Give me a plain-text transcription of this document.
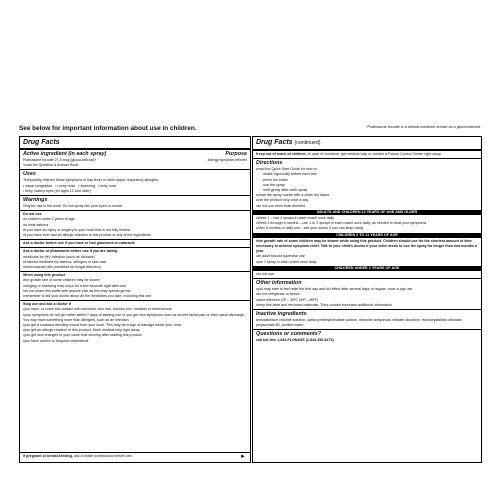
See below for important information about use in children.	*Fluticasone furoate is a steroid medicine known as a glucocorticoid.
Drug Facts
Active ingredient (in each spray)	Purpose
Fluticasone furoate 27.5 mcg (glucocorticoid)*	Allergy symptom reliever
*read the Question & Answer Book
Uses
Temporarily relieves these symptoms of hay fever or other upper respiratory allergies:
• nasal congestion • runny nose • sneezing • itchy nose
• itchy, watery eyes (for ages 12 and older)
Warnings
Only for use in the nose. Do not spray into your eyes or mouth.
Do not use
• in children under 2 years of age
• to treat asthma
• if you have an injury or surgery to your nose that is not fully healed
• if you have ever had an allergic reaction to this product or any of the ingredients
Ask a doctor before use if you have or had glaucoma or cataracts
Ask a doctor or pharmacist before use if you are taking
• medicine for HIV infection (such as ritonavir)
• a steroid medicine for asthma, allergies or skin rash
• ketoconazole pills (medicine for fungal infection)
When using this product
• the growth rate of some children may be slower
• stinging or sneezing may occur for a few seconds right after use
• do not share this bottle with anyone else as this may spread germs
• remember to tell your doctor about all the medicines you take, including this one
Stop use and ask a doctor if
• you have, or come into contact with someone who has, chicken pox, measles or tuberculosis
• your symptoms do not get better within 7 days of starting use or you get new symptoms such as severe facial pain or thick nasal discharge. You may have something more than allergies, such as an infection.
• you get a constant whistling sound from your nose. This may be a sign of damage inside your nose.
• you get an allergic reaction to this product. Seek medical help right away.
• you get new changes to your vision that develop after starting this product
• you have severe or frequent nosebleeds
If pregnant or breast-feeding, ask a health professional before use.	►
Drug Facts (continued)
Keep out of reach of children. In case of overdose, get medical help or contact a Poison Control Center right away.
Directions
• read the Quick Start Guide for how to:
· shake vigorously before each use
· prime the bottle
· use the spray
· sniff gently after each spray
• clean the spray nozzle with a clean dry tissue
• use the product only once a day
• do not use more than directed
ADULTS AND CHILDREN 12 YEARS OF AGE AND OLDER
• Week 1 – use 2 sprays in each nostril once daily
• Week 2 through 6 months – use 1 or 2 sprays in each nostril once daily, as needed to treat your symptoms
• After 6 months of daily use – ask your doctor if you can keep using
CHILDREN 2 TO 11 YEARS OF AGE
• the growth rate of some children may be slower while using this product. Children should use for the shortest amount of time necessary to achieve symptom relief. Talk to your child's doctor if your child needs to use the spray for longer than two months a year.
• an adult should supervise use
• use 1 spray in each nostril once daily
CHILDREN UNDER 2 YEARS OF AGE
• do not use
Other information
• you may start to feel relief the first day and full effect after several days of regular, once-a-day use
• do not refrigerate or freeze
• store between 15º – 30ºC (59º – 86ºF)
• keep this label and enclosed materials. They contain important additional information.
Inactive ingredients
benzalkonium chloride solution, carboxymethylcellulose sodium, dextrose anhydrous, edetate disodium, microcrystalline cellulose, polysorbate 80, purified water
Questions or comments?
call toll-free 1-844-FLONASE (1-844-356-6273)
